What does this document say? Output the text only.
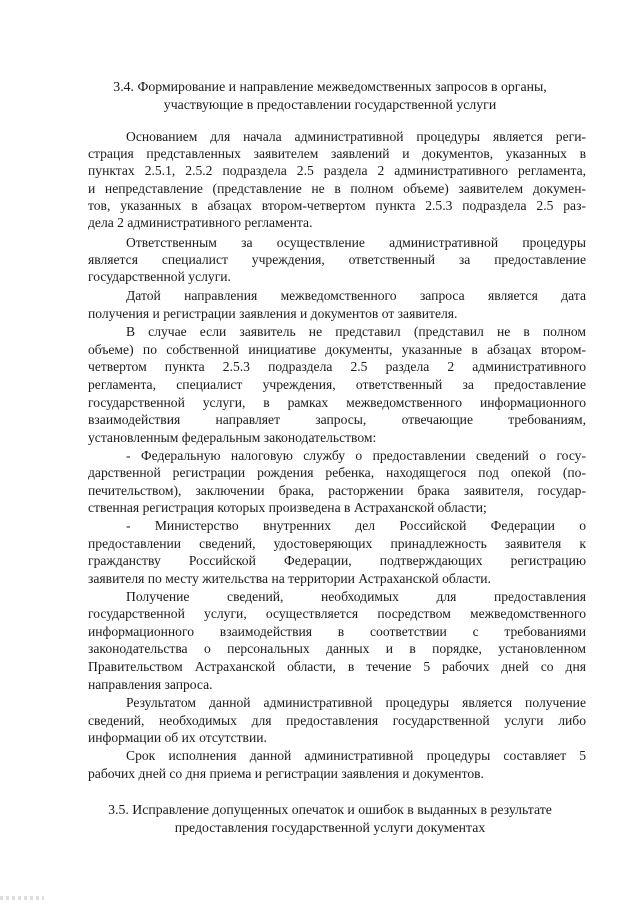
3.4. Формирование и направление межведомственных запросов в органы,
участвующие в предоставлении государственной услуги
Основанием для начала административной процедуры является реги-
страция представленных заявителем заявлений и документов, указанных в
пунктах 2.5.1, 2.5.2 подраздела 2.5 раздела 2 административного регламента,
и непредставление (представление не в полном объеме) заявителем докумен-
тов, указанных в абзацах втором-четвертом пункта 2.5.3 подраздела 2.5 раз-
дела 2 административного регламента.
Ответственным за осуществление административной процедуры
является специалист учреждения, ответственный за предоставление
государственной услуги.
Датой направления межведомственного запроса является дата
получения и регистрации заявления и документов от заявителя.
В случае если заявитель не представил (представил не в полном
объеме) по собственной инициативе документы, указанные в абзацах втором-
четвертом пункта 2.5.3 подраздела 2.5 раздела 2 административного
регламента, специалист учреждения, ответственный за предоставление
государственной услуги, в рамках межведомственного информационного
взаимодействия направляет запросы, отвечающие требованиям,
установленным федеральным законодательством:
- Федеральную налоговую службу о предоставлении сведений о госу-
дарственной регистрации рождения ребенка, находящегося под опекой (по-
печительством), заключении брака, расторжении брака заявителя, государ-
ственная регистрация которых произведена в Астраханской области;
- Министерство внутренних дел Российской Федерации о
предоставлении сведений, удостоверяющих принадлежность заявителя к
гражданству Российской Федерации, подтверждающих регистрацию
заявителя по месту жительства на территории Астраханской области.
Получение сведений, необходимых для предоставления
государственной услуги, осуществляется посредством межведомственного
информационного взаимодействия в соответствии с требованиями
законодательства о персональных данных и в порядке, установленном
Правительством Астраханской области, в течение 5 рабочих дней со дня
направления запроса.
Результатом данной административной процедуры является получение
сведений, необходимых для предоставления государственной услуги либо
информации об их отсутствии.
Срок исполнения данной административной процедуры составляет 5
рабочих дней со дня приема и регистрации заявления и документов.
3.5. Исправление допущенных опечаток и ошибок в выданных в результате
предоставления государственной услуги документах
